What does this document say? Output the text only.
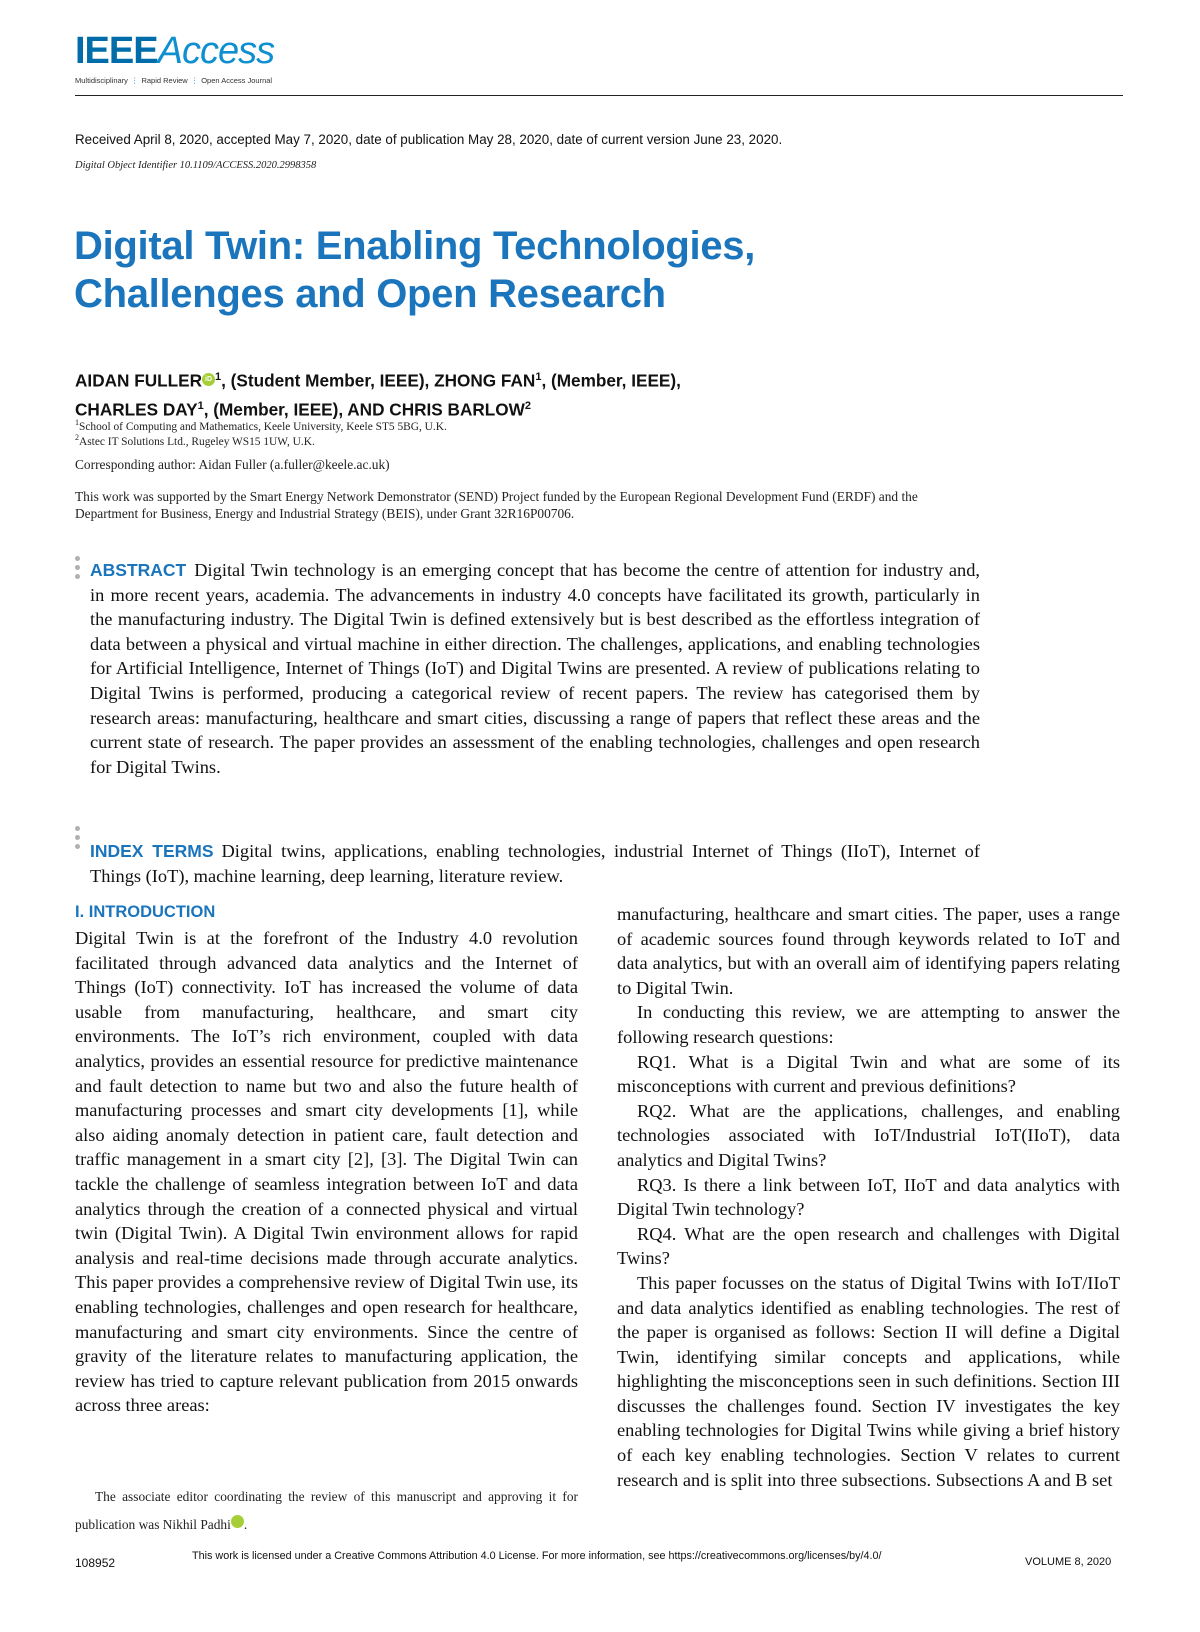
IEEEAccess
Multidisciplinary ⋮ Rapid Review ⋮ Open Access Journal
Received April 8, 2020, accepted May 7, 2020, date of publication May 28, 2020, date of current version June 23, 2020.
Digital Object Identifier 10.1109/ACCESS.2020.2998358
Digital Twin: Enabling Technologies,
Challenges and Open Research
AIDAN FULLER iD $^1$, (Student Member, IEEE), ZHONG FAN$^1$, (Member, IEEE),
CHARLES DAY$^1$, (Member, IEEE), AND CHRIS BARLOW$^2$
$^1$School of Computing and Mathematics, Keele University, Keele ST5 5BG, U.K.
$^2$Astec IT Solutions Ltd., Rugeley WS15 1UW, U.K.
Corresponding author: Aidan Fuller (a.fuller@keele.ac.uk)
This work was supported by the Smart Energy Network Demonstrator (SEND) Project funded by the European Regional Development Fund (ERDF) and the Department for Business, Energy and Industrial Strategy (BEIS), under Grant 32R16P00706.
ABSTRACT Digital Twin technology is an emerging concept that has become the centre of attention for industry and, in more recent years, academia. The advancements in industry 4.0 concepts have facilitated its growth, particularly in the manufacturing industry. The Digital Twin is defined extensively but is best described as the effortless integration of data between a physical and virtual machine in either direction. The challenges, applications, and enabling technologies for Artificial Intelligence, Internet of Things (IoT) and Digital Twins are presented. A review of publications relating to Digital Twins is performed, producing a categorical review of recent papers. The review has categorised them by research areas: manufacturing, healthcare and smart cities, discussing a range of papers that reflect these areas and the current state of research. The paper provides an assessment of the enabling technologies, challenges and open research for Digital Twins.
INDEX TERMS Digital twins, applications, enabling technologies, industrial Internet of Things (IIoT), Internet of Things (IoT), machine learning, deep learning, literature review.
I. INTRODUCTION

Digital Twin is at the forefront of the Industry 4.0 revolution facilitated through advanced data analytics and the Internet of Things (IoT) connectivity. IoT has increased the volume of data usable from manufacturing, healthcare, and smart city environments. The IoT’s rich environment, coupled with data analytics, provides an essential resource for predictive maintenance and fault detection to name but two and also the future health of manufacturing processes and smart city developments [1], while also aiding anomaly detection in patient care, fault detection and traffic management in a smart city [2], [3]. The Digital Twin can tackle the challenge of seamless integration between IoT and data analytics through the creation of a connected physical and virtual twin (Digital Twin). A Digital Twin environment allows for rapid analysis and real-time decisions made through accurate analytics. This paper provides a comprehensive review of Digital Twin use, its enabling technologies, challenges and open research for healthcare, manufacturing and smart city environments. Since the centre of gravity of the literature relates to manufacturing application, the review has tried to capture relevant publication from 2015 onwards across three areas:

manufacturing, healthcare and smart cities. The paper, uses a range of academic sources found through keywords related to IoT and data analytics, but with an overall aim of identifying papers relating to Digital Twin.

In conducting this review, we are attempting to answer the following research questions:

RQ1. What is a Digital Twin and what are some of its misconceptions with current and previous definitions?

RQ2. What are the applications, challenges, and enabling technologies associated with IoT/Industrial IoT(IIoT), data analytics and Digital Twins?

RQ3. Is there a link between IoT, IIoT and data analytics with Digital Twin technology?

RQ4. What are the open research and challenges with Digital Twins?

This paper focusses on the status of Digital Twins with IoT/IIoT and data analytics identified as enabling technologies. The rest of the paper is organised as follows: Section II will define a Digital Twin, identifying similar concepts and applications, while highlighting the misconceptions seen in such definitions. Section III discusses the challenges found. Section IV investigates the key enabling technologies for Digital Twins while giving a brief history of each key enabling technologies. Section V relates to current research and is split into three subsections. Subsections A and B set

The associate editor coordinating the review of this manuscript and approving it for publication was Nikhil Padhi	iD.
108952	This work is licensed under a Creative Commons Attribution 4.0 License. For more information, see https://creativecommons.org/licenses/by/4.0/	VOLUME 8, 2020
